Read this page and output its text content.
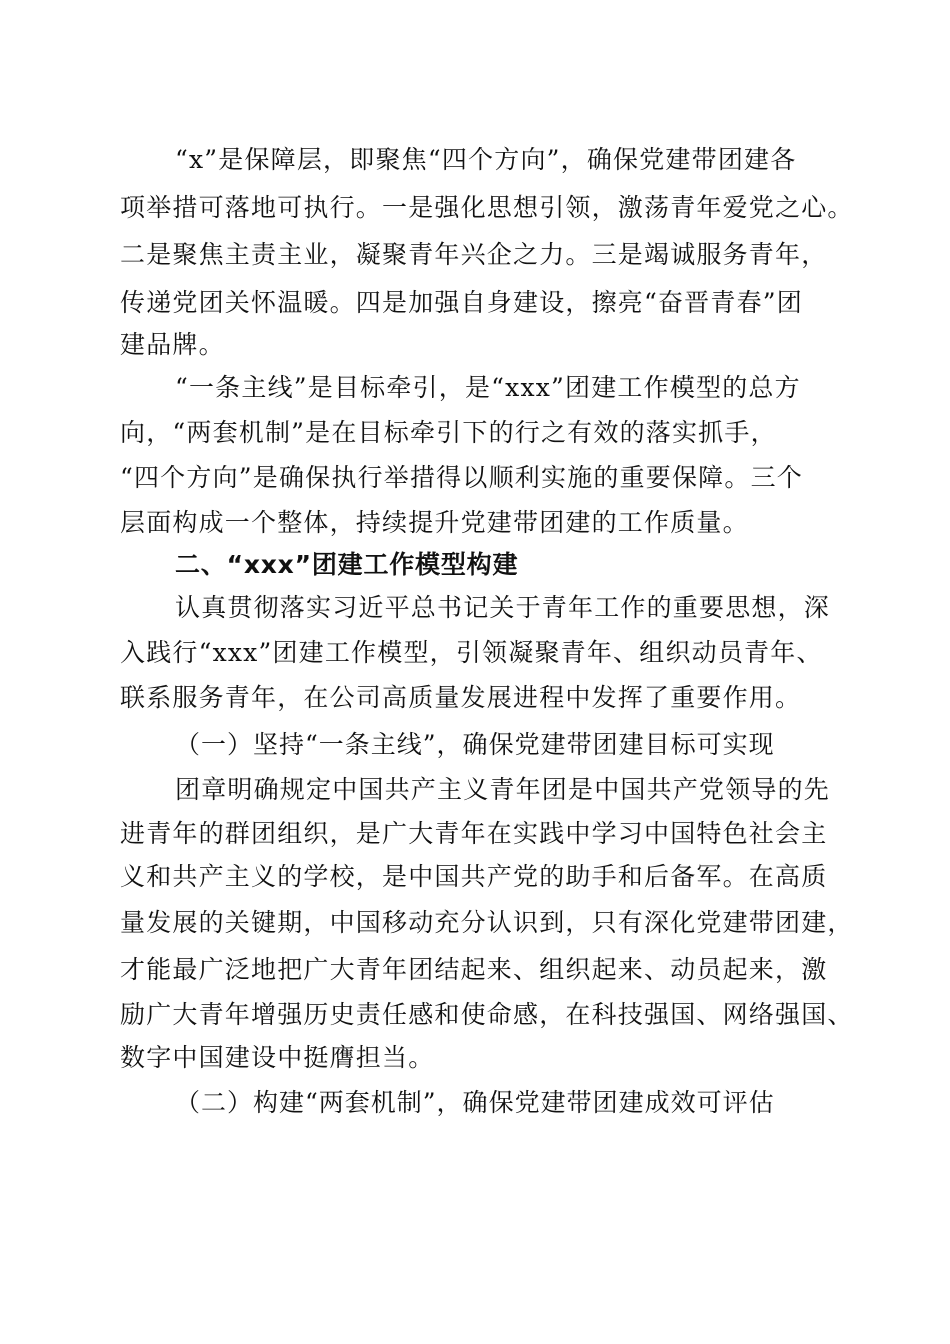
“x”是保障层，即聚焦“四个方向”，确保党建带团建各
项举措可落地可执行。一是强化思想引领，激荡青年爱党之心。
二是聚焦主责主业，凝聚青年兴企之力。三是竭诚服务青年，
传递党团关怀温暖。四是加强自身建设，擦亮“奋晋青春”团
建品牌。
“一条主线”是目标牵引，是“xxx”团建工作模型的总方
向，“两套机制”是在目标牵引下的行之有效的落实抓手，
“四个方向”是确保执行举措得以顺利实施的重要保障。三个
层面构成一个整体，持续提升党建带团建的工作质量。
二、“xxx”团建工作模型构建
认真贯彻落实习近平总书记关于青年工作的重要思想，深
入践行“xxx”团建工作模型，引领凝聚青年、组织动员青年、
联系服务青年，在公司高质量发展进程中发挥了重要作用。
（一）坚持“一条主线”，确保党建带团建目标可实现
团章明确规定中国共产主义青年团是中国共产党领导的先
进青年的群团组织，是广大青年在实践中学习中国特色社会主
义和共产主义的学校，是中国共产党的助手和后备军。在高质
量发展的关键期，中国移动充分认识到，只有深化党建带团建，
才能最广泛地把广大青年团结起来、组织起来、动员起来，激
励广大青年增强历史责任感和使命感，在科技强国、网络强国、
数字中国建设中挺膺担当。
（二）构建“两套机制”，确保党建带团建成效可评估
